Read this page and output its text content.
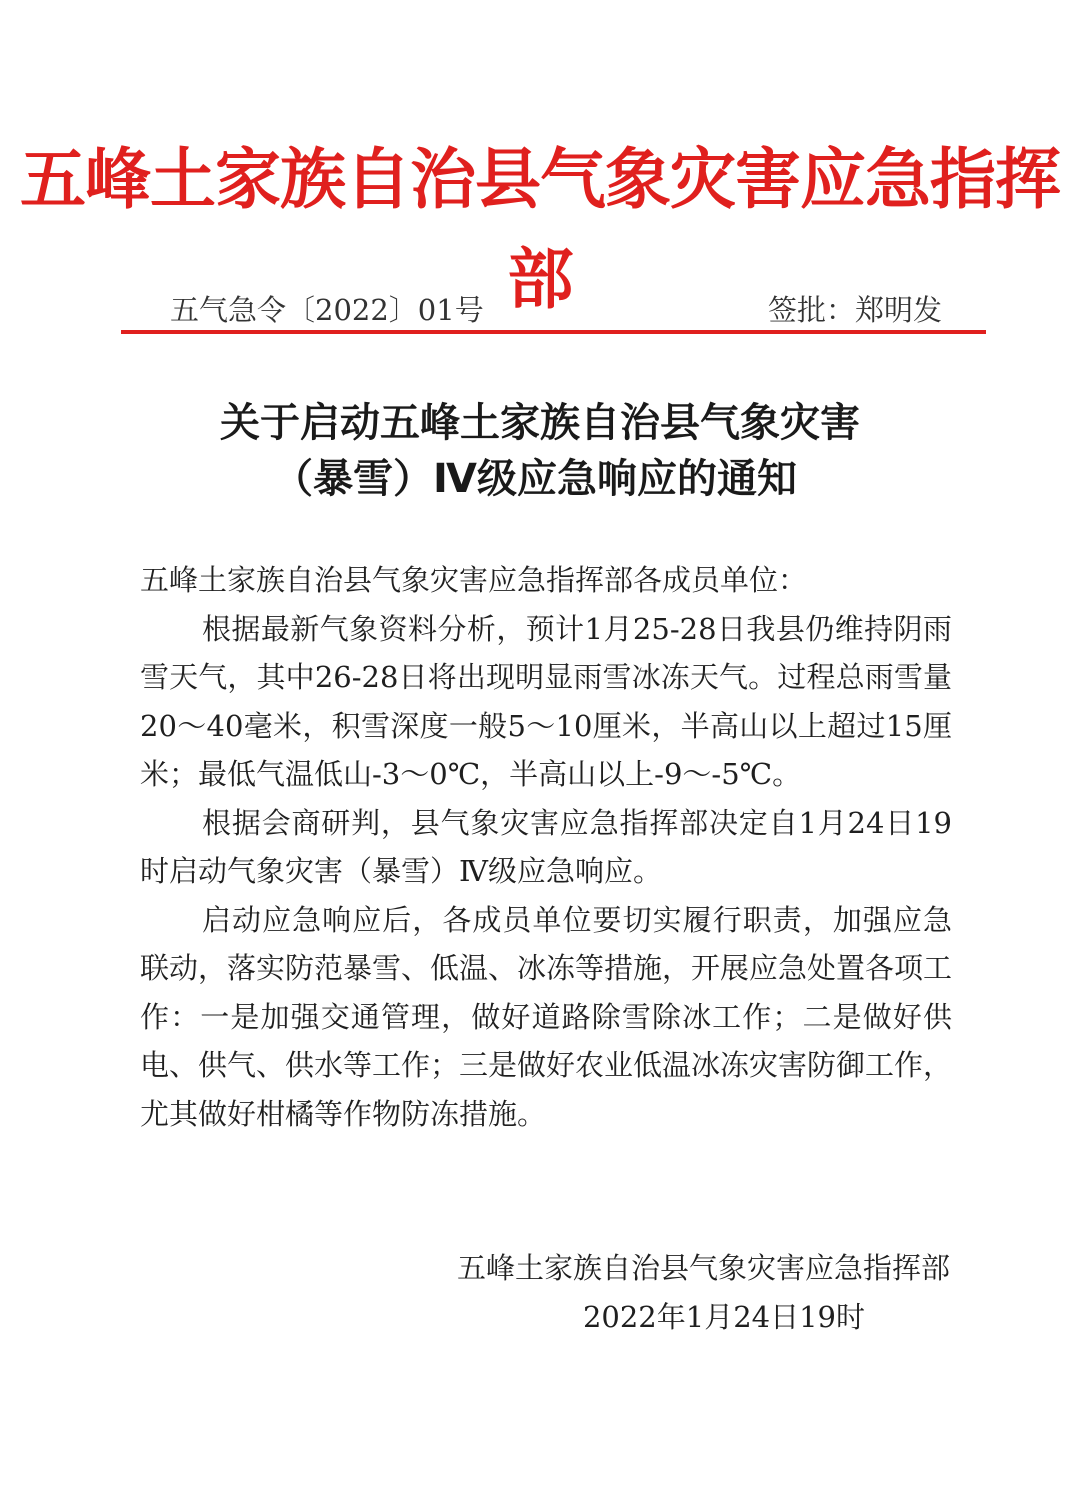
五峰土家族自治县气象灾害应急指挥部
五气急令〔2022〕01号	签批：郑明发
关于启动五峰土家族自治县气象灾害
（暴雪）Ⅳ级应急响应的通知

五峰土家族自治县气象灾害应急指挥部各成员单位：

根据最新气象资料分析，预计1月25-28日我县仍维持阴雨雪天气，其中26-28日将出现明显雨雪冰冻天气。过程总雨雪量20～40毫米，积雪深度一般5～10厘米，半高山以上超过15厘米；最低气温低山-3～0℃，半高山以上-9～-5℃。

根据会商研判，县气象灾害应急指挥部决定自1月24日19时启动气象灾害（暴雪）Ⅳ级应急响应。

启动应急响应后，各成员单位要切实履行职责，加强应急联动，落实防范暴雪、低温、冰冻等措施，开展应急处置各项工作：一是加强交通管理，做好道路除雪除冰工作；二是做好供电、供气、供水等工作；三是做好农业低温冰冻灾害防御工作，尤其做好柑橘等作物防冻措施。

五峰土家族自治县气象灾害应急指挥部
2022年1月24日19时
